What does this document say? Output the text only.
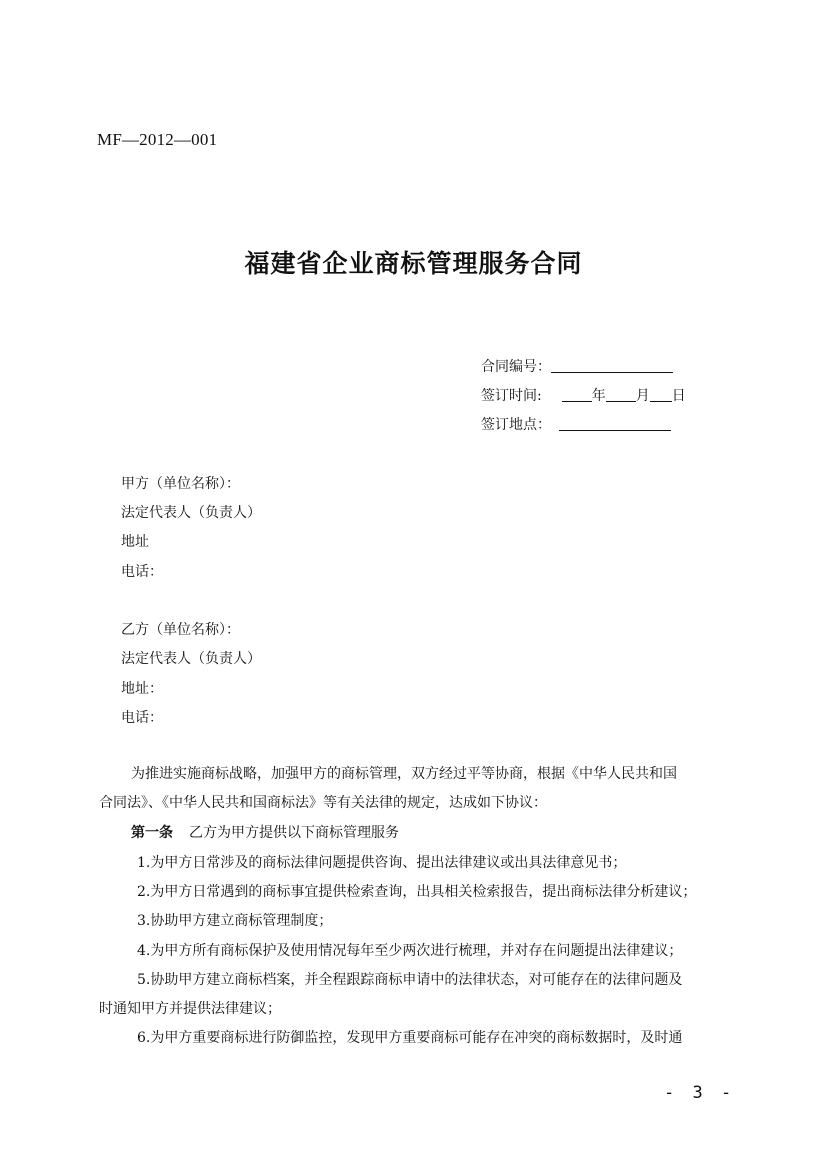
MF—2012—001
福建省企业商标管理服务合同
合同编号：
签订时间:	年 月 日
签订地点：
甲方（单位名称）：
法定代表人（负责人）
地址
电话：
乙方（单位名称）：
法定代表人（负责人）
地址：
电话：
为推进实施商标战略，加强甲方的商标管理，双方经过平等协商，根据《中华人民共和国
合同法》、《中华人民共和国商标法》等有关法律的规定，达成如下协议：
第一条 乙方为甲方提供以下商标管理服务
1.为甲方日常涉及的商标法律问题提供咨询、提出法律建议或出具法律意见书；
2.为甲方日常遇到的商标事宜提供检索查询，出具相关检索报告，提出商标法律分析建议；
3.协助甲方建立商标管理制度；
4.为甲方所有商标保护及使用情况每年至少两次进行梳理，并对存在问题提出法律建议；
5.协助甲方建立商标档案，并全程跟踪商标申请中的法律状态，对可能存在的法律问题及
时通知甲方并提供法律建议；
6.为甲方重要商标进行防御监控，发现甲方重要商标可能存在冲突的商标数据时，及时通
- 3 -
